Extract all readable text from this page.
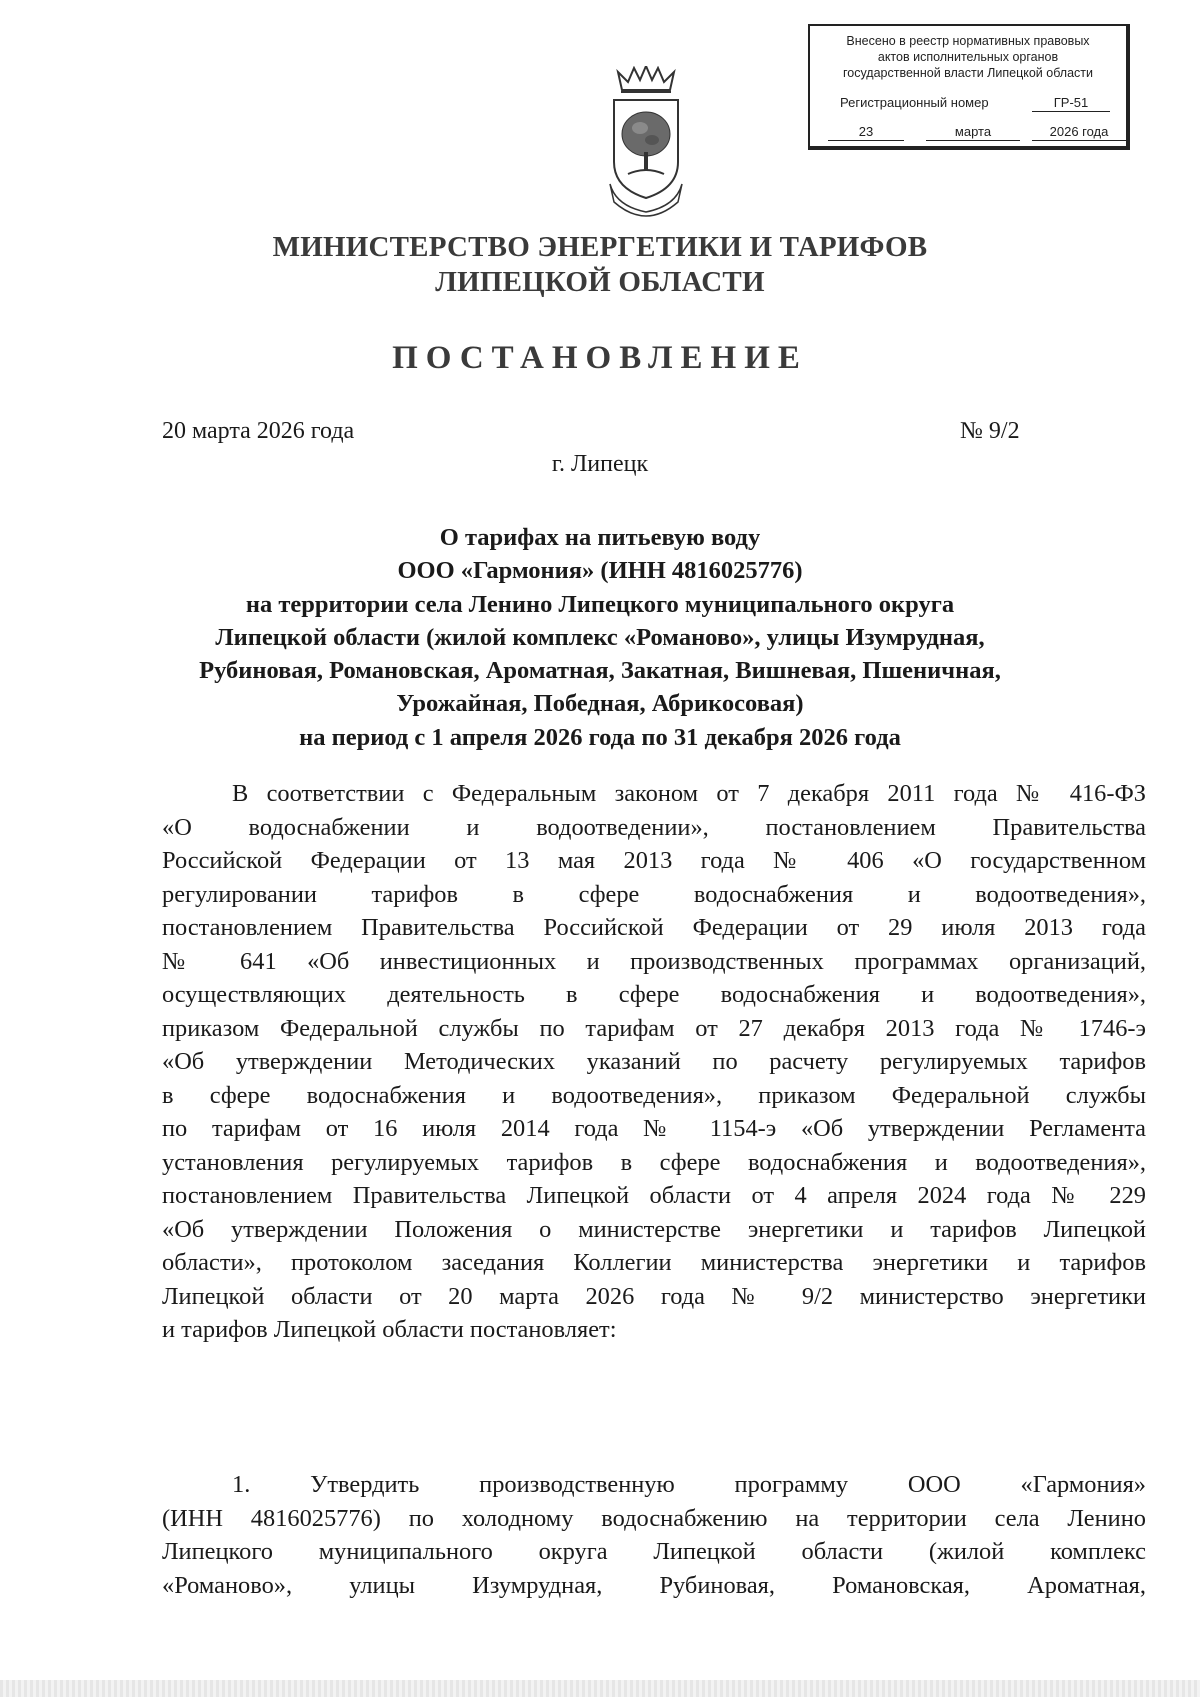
Внесено в реестр нормативных правовых
актов исполнительных органов
государственной власти Липецкой области
Регистрационный номер	ГР-51
23	марта	2026 года
МИНИСТЕРСТВО ЭНЕРГЕТИКИ И ТАРИФОВ
ЛИПЕЦКОЙ ОБЛАСТИ
ПОСТАНОВЛЕНИЕ
20 марта 2026 года	№ 9/2
г. Липецк
О тарифах на питьевую воду
ООО «Гармония» (ИНН 4816025776)
на территории села Ленино Липецкого муниципального округа
Липецкой области (жилой комплекс «Романово», улицы Изумрудная,
Рубиновая, Романовская, Ароматная, Закатная, Вишневая, Пшеничная,
Урожайная, Победная, Абрикосовая)
на период с 1 апреля 2026 года по 31 декабря 2026 года
В соответствии с Федеральным законом от 7 декабря 2011 года № 416-ФЗ
«О водоснабжении и водоотведении», постановлением Правительства
Российской Федерации от 13 мая 2013 года № 406 «О государственном
регулировании тарифов в сфере водоснабжения и водоотведения»,
постановлением Правительства Российской Федерации от 29 июля 2013 года
№ 641 «Об инвестиционных и производственных программах организаций,
осуществляющих деятельность в сфере водоснабжения и водоотведения»,
приказом Федеральной службы по тарифам от 27 декабря 2013 года № 1746-э
«Об утверждении Методических указаний по расчету регулируемых тарифов
в сфере водоснабжения и водоотведения», приказом Федеральной службы
по тарифам от 16 июля 2014 года № 1154-э «Об утверждении Регламента
установления регулируемых тарифов в сфере водоснабжения и водоотведения»,
постановлением Правительства Липецкой области от 4 апреля 2024 года № 229
«Об утверждении Положения о министерстве энергетики и тарифов Липецкой
области», протоколом заседания Коллегии министерства энергетики и тарифов
Липецкой области от 20 марта 2026 года № 9/2 министерство энергетики
и тарифов Липецкой области постановляет:
1. Утвердить производственную программу ООО «Гармония»
(ИНН 4816025776) по холодному водоснабжению на территории села Ленино
Липецкого муниципального округа Липецкой области (жилой комплекс
«Романово», улицы Изумрудная, Рубиновая, Романовская, Ароматная,
